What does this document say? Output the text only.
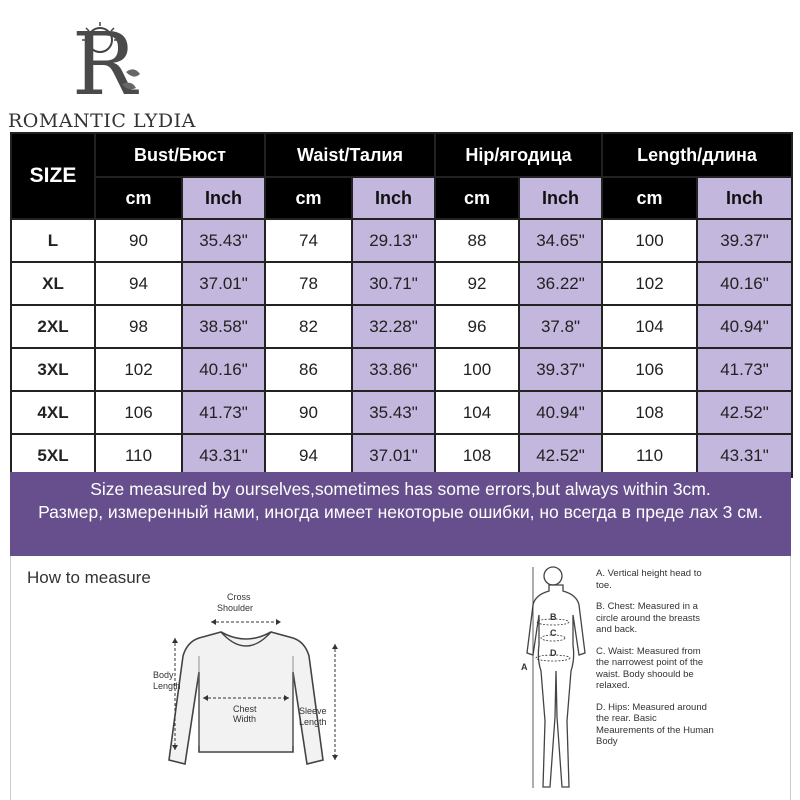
R
ROMANTIC LYDIA
SIZE	Bust/Бюст		Waist/Талия		Hip/ягодица		Length/длина	
	cm	Inch	cm	Inch	cm	Inch	cm	Inch
L	90	35.43"	74	29.13"	88	34.65"	100	39.37"
XL	94	37.01"	78	30.71"	92	36.22"	102	40.16"
2XL	98	38.58"	82	32.28"	96	37.8"	104	40.94"
3XL	102	40.16"	86	33.86"	100	39.37"	106	41.73"
4XL	106	41.73"	90	35.43"	104	40.94"	108	42.52"
5XL	110	43.31"	94	37.01"	108	42.52"	110	43.31"
Size measured by ourselves,sometimes has some errors,but always within 3cm.
Размер, измеренный нами, иногда имеет некоторые ошибки, но всегда в преде лах 3 см.
How to measure
Cross
Shoulder
Body
Length
Chest
Width
Sleeve
Length
A
B
C
D

A. Vertical height head to toe.

B. Chest: Measured in a circle around the breasts and back.

C. Waist: Measured from the narrowest point of the waist. Body shoould be relaxed.

D. Hips: Measured around the rear. Basic Meaurements of the Human Body
